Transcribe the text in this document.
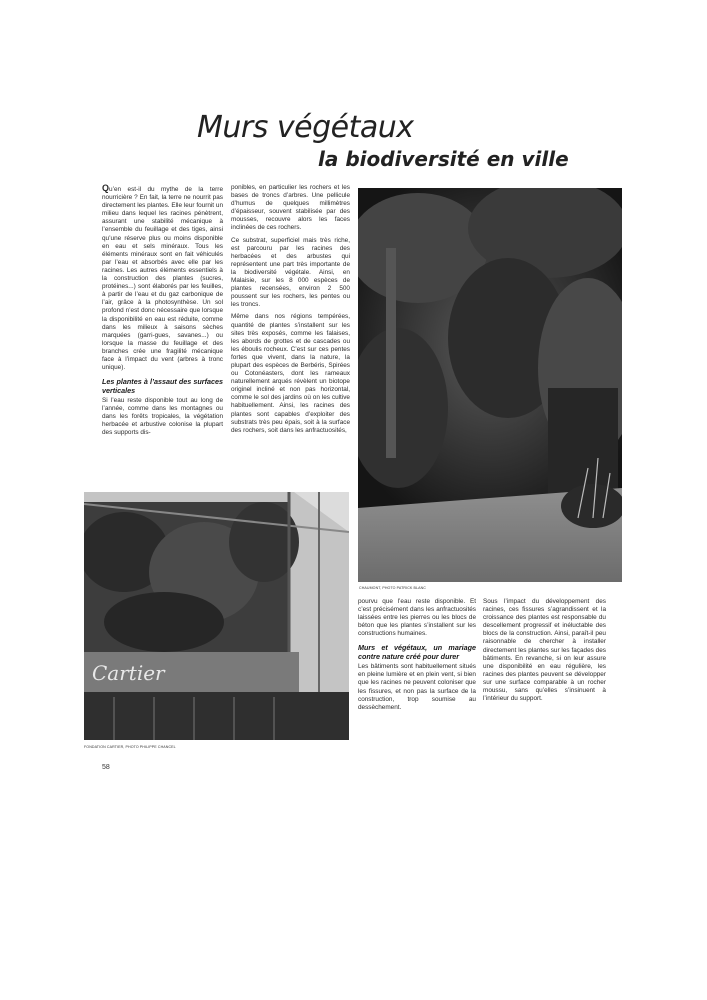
Murs végétaux
la biodiversité en ville

Qu’en est-il du mythe de la terre nourricière ? En fait, la terre ne nourrit pas directement les plantes. Elle leur fournit un milieu dans lequel les racines pénètrent, assurant une stabilité mécanique à l’ensemble du feuillage et des tiges, ainsi qu’une réserve plus ou moins disponible en eau et sels minéraux. Tous les éléments minéraux sont en fait véhiculés par l’eau et absorbés avec elle par les racines. Les autres éléments essentiels à la construction des plantes (sucres, protéines...) sont élaborés par les feuilles, à partir de l’eau et du gaz carbonique de l’air, grâce à la photosynthèse. Un sol profond n’est donc nécessaire que lorsque la disponibilité en eau est réduite, comme dans les milieux à saisons sèches marquées (garri-gues, savanes...) ou lorsque la masse du feuillage et des branches crée une fragilité mécanique face à l’impact du vent (arbres à tronc unique).

Les plantes à l’assaut des surfaces verticales

Si l’eau reste disponible tout au long de l’année, comme dans les montagnes ou dans les forêts tropicales, la végétation herbacée et arbustive colonise la plupart des supports dis-

ponibles, en particulier les rochers et les bases de troncs d’arbres. Une pellicule d’humus de quelques millimètres d’épaisseur, souvent stabilisée par des mousses, recouvre alors les faces inclinées de ces rochers.

Ce substrat, superficiel mais très riche, est parcouru par les racines des herbacées et des arbustes qui représentent une part très importante de la biodiversité végétale. Ainsi, en Malaisie, sur les 8 000 espèces de plantes recensées, environ 2 500 poussent sur les rochers, les pentes ou les troncs.

Même dans nos régions tempérées, quantité de plantes s’installent sur les sites très exposés, comme les falaises, les abords de grottes et de cascades ou les éboulis rocheux. C’est sur ces pentes fortes que vivent, dans la nature, la plupart des espèces de Berbéris, Spirées ou Cotonéasters, dont les rameaux naturellement arqués révèlent un biotope originel incliné et non pas horizontal, comme le sol des jardins où on les cultive habituellement. Ainsi, les racines des plantes sont capables d’exploiter des substrats très peu épais, soit à la surface des rochers, soit dans les anfractuosités,

pourvu que l’eau reste disponible. Et c’est précisément dans les anfractuosités laissées entre les pierres ou les blocs de béton que les plantes s’installent sur les constructions humaines.

Murs et végétaux, un mariage contre nature créé pour durer

Les bâtiments sont habituellement situés en pleine lumière et en plein vent, si bien que les racines ne peuvent coloniser que les fissures, et non pas la surface de la construction, trop soumise au dessèchement.

Sous l’impact du développement des racines, ces fissures s’agrandissent et la croissance des plantes est responsable du descellement progressif et inéluctable des blocs de la construction. Ainsi, paraît-il peu raisonnable de chercher à installer directement les plantes sur les façades des bâtiments. En revanche, si on leur assure une disponibilité en eau régulière, les racines des plantes peuvent se développer sur une surface comparable à un rocher moussu, sans qu’elles s’insinuent à l’intérieur du support.

Cartier
CHAUMONT, PHOTO PATRICK BLANC
FONDATION CARTIER, PHOTO PHILIPPE CHANCEL
58
